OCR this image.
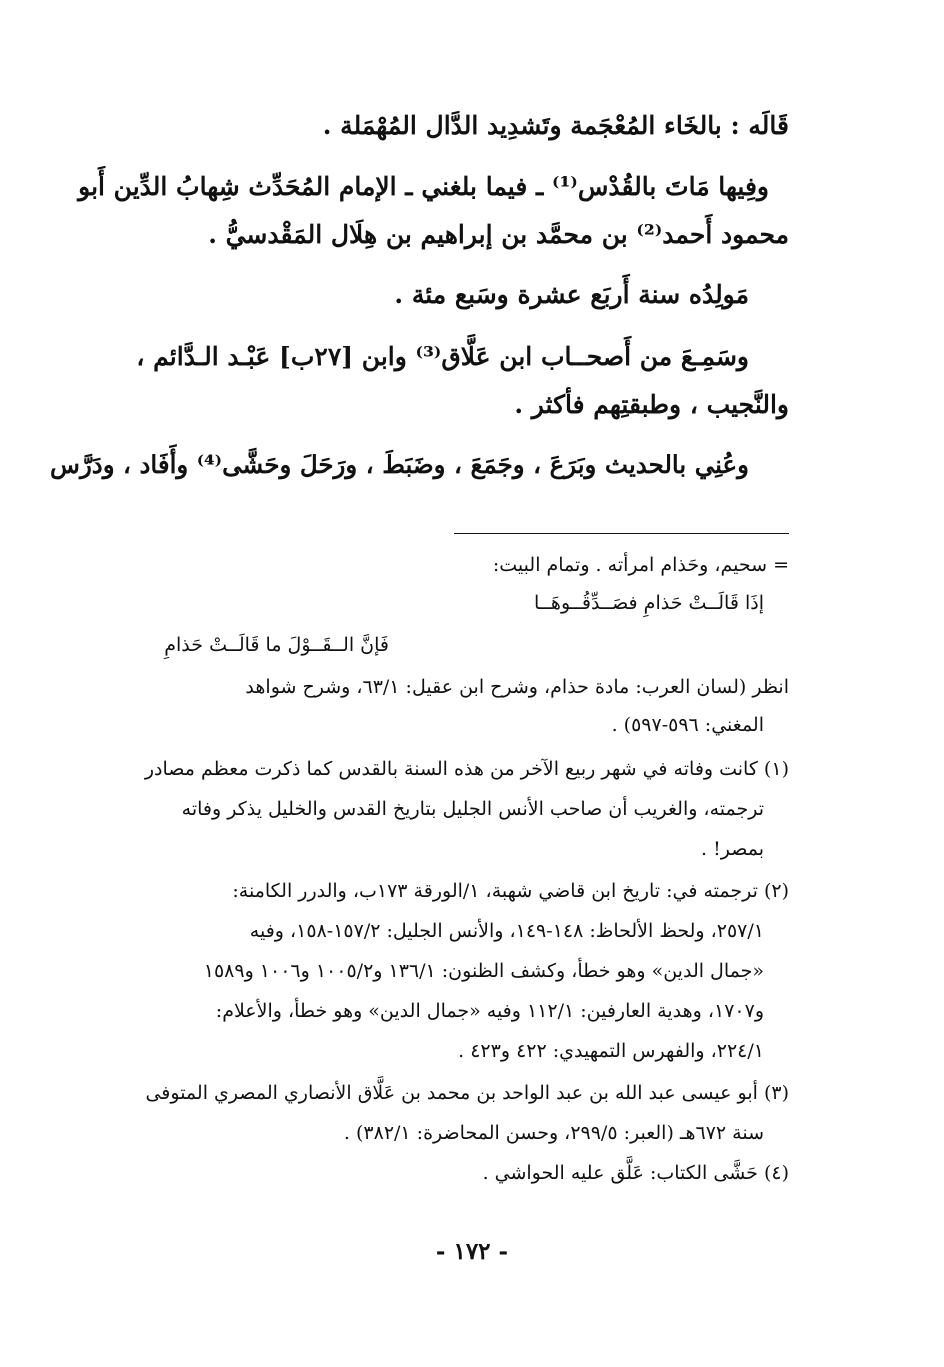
قَالَه : بالخَاء المُعْجَمة وتَشدِيد الدَّال المُهْمَلة .
وفِيها مَاتَ بالقُدْس⁽¹⁾ ـ فيما بلغني ـ الإمام المُحَدِّث شِهابُ الدِّين أَبو
محمود أَحمد⁽²⁾ بن محمَّد بن إبراهيم بن هِلَال المَقْدسيُّ .
مَولِدُه سنة أَربَع عشرة وسَبع مئة .
وسَمِـعَ من أَصحــاب ابن عَلَّاق⁽³⁾ وابن [٢٧ب] عَبْـد الـدَّائم ،
والنَّجيب ، وطبقتِهم فأكثر .
وعُنِي بالحديث وبَرَعَ ، وجَمَعَ ، وضَبَطَ ، ورَحَلَ وحَشَّى⁽⁴⁾ وأَفَاد ، ودَرَّس
= سحيم، وحَذام امرأته . وتمام البيت:
إذَا قَالَــتْ حَذامِ فصَــدِّقُــوهَــا
فَإنَّ الــقَــوْلَ ما قَالَــتْ حَذامِ
انظر (لسان العرب: مادة حذام، وشرح ابن عقيل: ٦٣/١، وشرح شواهد
المغني: ٥٩٦-٥٩٧) .
(١) كانت وفاته في شهر ربيع الآخر من هذه السنة بالقدس كما ذكرت معظم مصادر
ترجمته، والغريب أن صاحب الأنس الجليل بتاريخ القدس والخليل يذكر وفاته
بمصر! .
(٢) ترجمته في: تاريخ ابن قاضي شهبة، ١/الورقة ١٧٣ب، والدرر الكامنة:
٢٥٧/١، ولحظ الألحاظ: ١٤٨-١٤٩، والأنس الجليل: ١٥٧/٢-١٥٨، وفيه
«جمال الدين» وهو خطأ، وكشف الظنون: ١٣٦/١ و١٠٠٥/٢ و١٠٠٦ و١٥٨٩
و١٧٠٧، وهدية العارفين: ١١٢/١ وفيه «جمال الدين» وهو خطأ، والأعلام:
٢٢٤/١، والفهرس التمهيدي: ٤٢٢ و٤٢٣ .
(٣) أبو عيسى عبد الله بن عبد الواحد بن محمد بن عَلَّاق الأنصاري المصري المتوفى
سنة ٦٧٢هـ (العبر: ٢٩٩/٥، وحسن المحاضرة: ٣٨٢/١) .
(٤) حَشَّى الكتاب: عَلَّق عليه الحواشي .
- ١٧٢ -
